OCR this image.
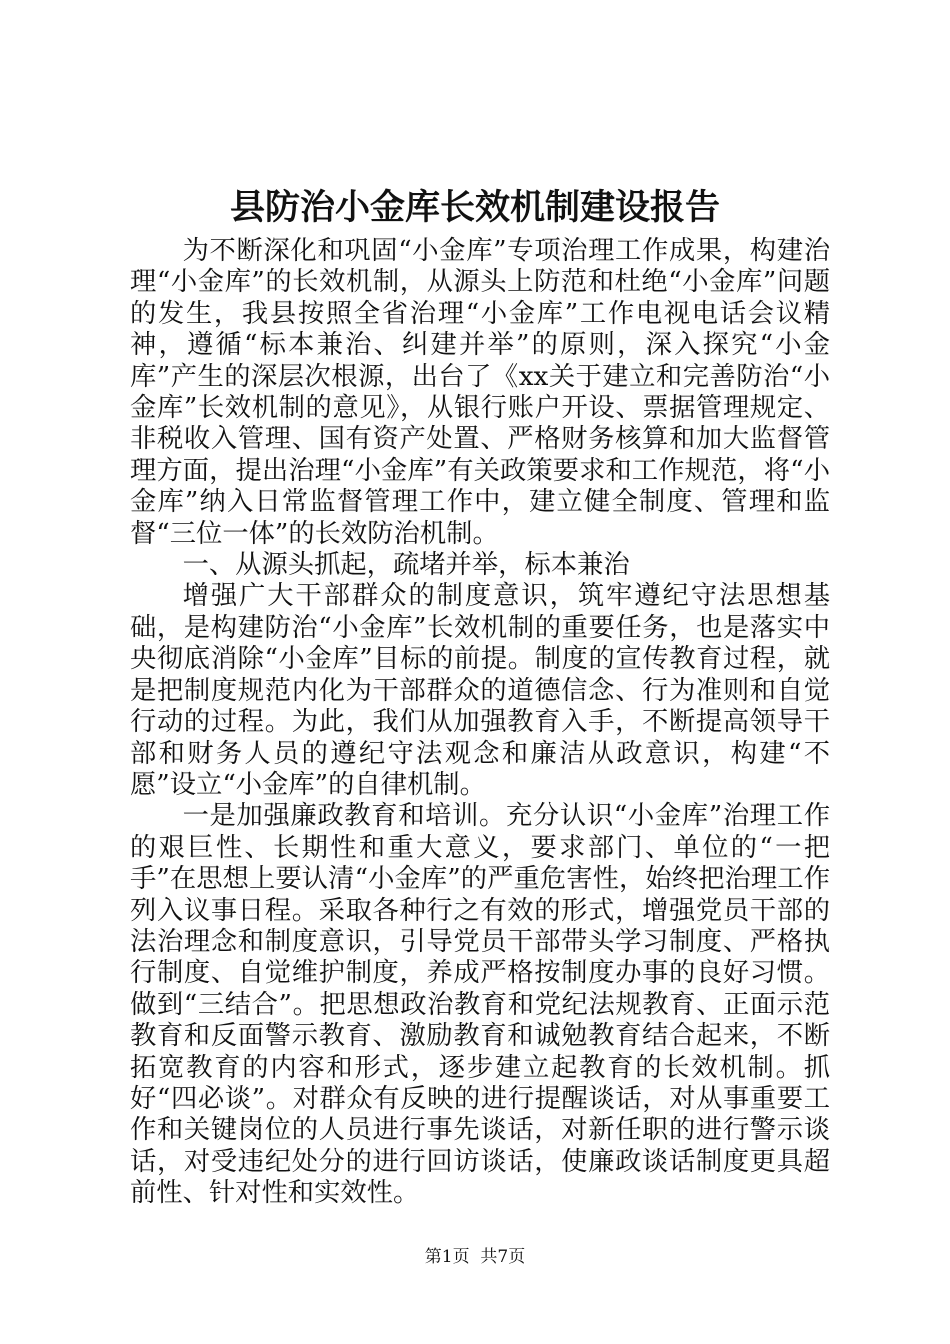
县防治小金库长效机制建设报告

为不断深化和巩固“小金库”专项治理工作成果，构建治理“小金库”的长效机制，从源头上防范和杜绝“小金库”问题的发生，我县按照全省治理“小金库”工作电视电话会议精神，遵循“标本兼治、纠建并举”的原则，深入探究“小金库”产生的深层次根源，出台了《xx关于建立和完善防治“小金库”长效机制的意见》，从银行账户开设、票据管理规定、非税收入管理、国有资产处置、严格财务核算和加大监督管理方面，提出治理“小金库”有关政策要求和工作规范，将“小金库”纳入日常监督管理工作中，建立健全制度、管理和监督“三位一体”的长效防治机制。

一、从源头抓起，疏堵并举，标本兼治

增强广大干部群众的制度意识，筑牢遵纪守法思想基础，是构建防治“小金库”长效机制的重要任务，也是落实中央彻底消除“小金库”目标的前提。制度的宣传教育过程，就是把制度规范内化为干部群众的道德信念、行为准则和自觉行动的过程。为此，我们从加强教育入手，不断提高领导干部和财务人员的遵纪守法观念和廉洁从政意识，构建“不愿”设立“小金库”的自律机制。

一是加强廉政教育和培训。充分认识“小金库”治理工作的艰巨性、长期性和重大意义，要求部门、单位的“一把手”在思想上要认清“小金库”的严重危害性，始终把治理工作列入议事日程。采取各种行之有效的形式，增强党员干部的法治理念和制度意识，引导党员干部带头学习制度、严格执行制度、自觉维护制度，养成严格按制度办事的良好习惯。做到“三结合”。把思想政治教育和党纪法规教育、正面示范教育和反面警示教育、激励教育和诚勉教育结合起来，不断拓宽教育的内容和形式，逐步建立起教育的长效机制。抓好“四必谈”。对群众有反映的进行提醒谈话，对从事重要工作和关键岗位的人员进行事先谈话，对新任职的进行警示谈话，对受违纪处分的进行回访谈话，使廉政谈话制度更具超前性、针对性和实效性。

第1页 共7页
